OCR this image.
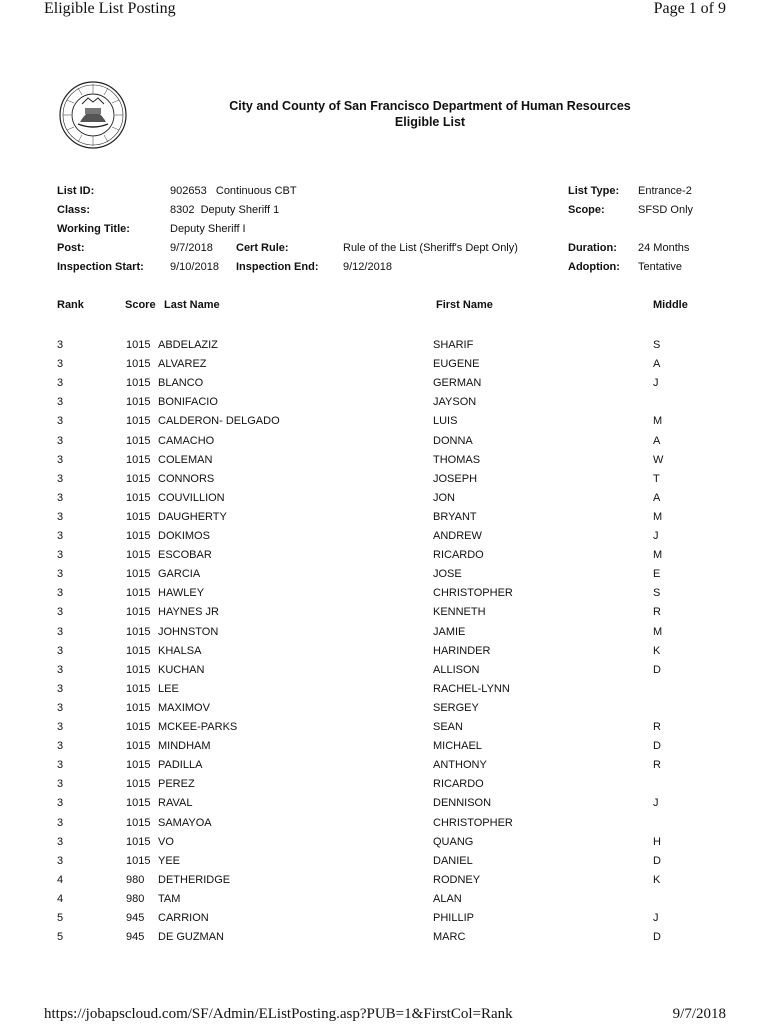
Eligible List Posting	Page 1 of 9
https://jobapscloud.com/SF/Admin/EListPosting.asp?PUB=1&FirstCol=Rank	9/7/2018
City and County of San Francisco Department of Human Resources
Eligible List
List ID:	902653   Continuous CBT	List Type: Entrance-2
Class:	8302  Deputy Sheriff 1	Scope:	SFSD Only
Working Title:	Deputy Sheriff I
Post:	9/7/2018 Cert Rule:	Rule of the List (Sheriff's Dept Only)	Duration: 24 Months
Inspection Start: 9/10/2018 Inspection End: 9/12/2018	Adoption: Tentative
Rank	Score Last Name	First Name	Middle
3	1015 ABDELAZIZ	SHARIF	S
3	1015 ALVAREZ	EUGENE	A
3	1015 BLANCO	GERMAN	J
3	1015 BONIFACIO	JAYSON
3	1015 CALDERON- DELGADO	LUIS	M
3	1015 CAMACHO	DONNA	A
3	1015 COLEMAN	THOMAS	W
3	1015 CONNORS	JOSEPH	T
3	1015 COUVILLION	JON	A
3	1015 DAUGHERTY	BRYANT	M
3	1015 DOKIMOS	ANDREW	J
3	1015 ESCOBAR	RICARDO	M
3	1015 GARCIA	JOSE	E
3	1015 HAWLEY	CHRISTOPHER	S
3	1015 HAYNES JR	KENNETH	R
3	1015 JOHNSTON	JAMIE	M
3	1015 KHALSA	HARINDER	K
3	1015 KUCHAN	ALLISON	D
3	1015 LEE	RACHEL-LYNN
3	1015 MAXIMOV	SERGEY
3	1015 MCKEE-PARKS	SEAN	R
3	1015 MINDHAM	MICHAEL	D
3	1015 PADILLA	ANTHONY	R
3	1015 PEREZ	RICARDO
3	1015 RAVAL	DENNISON	J
3	1015 SAMAYOA	CHRISTOPHER
3	1015 VO	QUANG	H
3	1015 YEE	DANIEL	D
4	980 DETHERIDGE	RODNEY	K
4	980 TAM	ALAN
5	945 CARRION	PHILLIP	J
5	945 DE GUZMAN	MARC	D
